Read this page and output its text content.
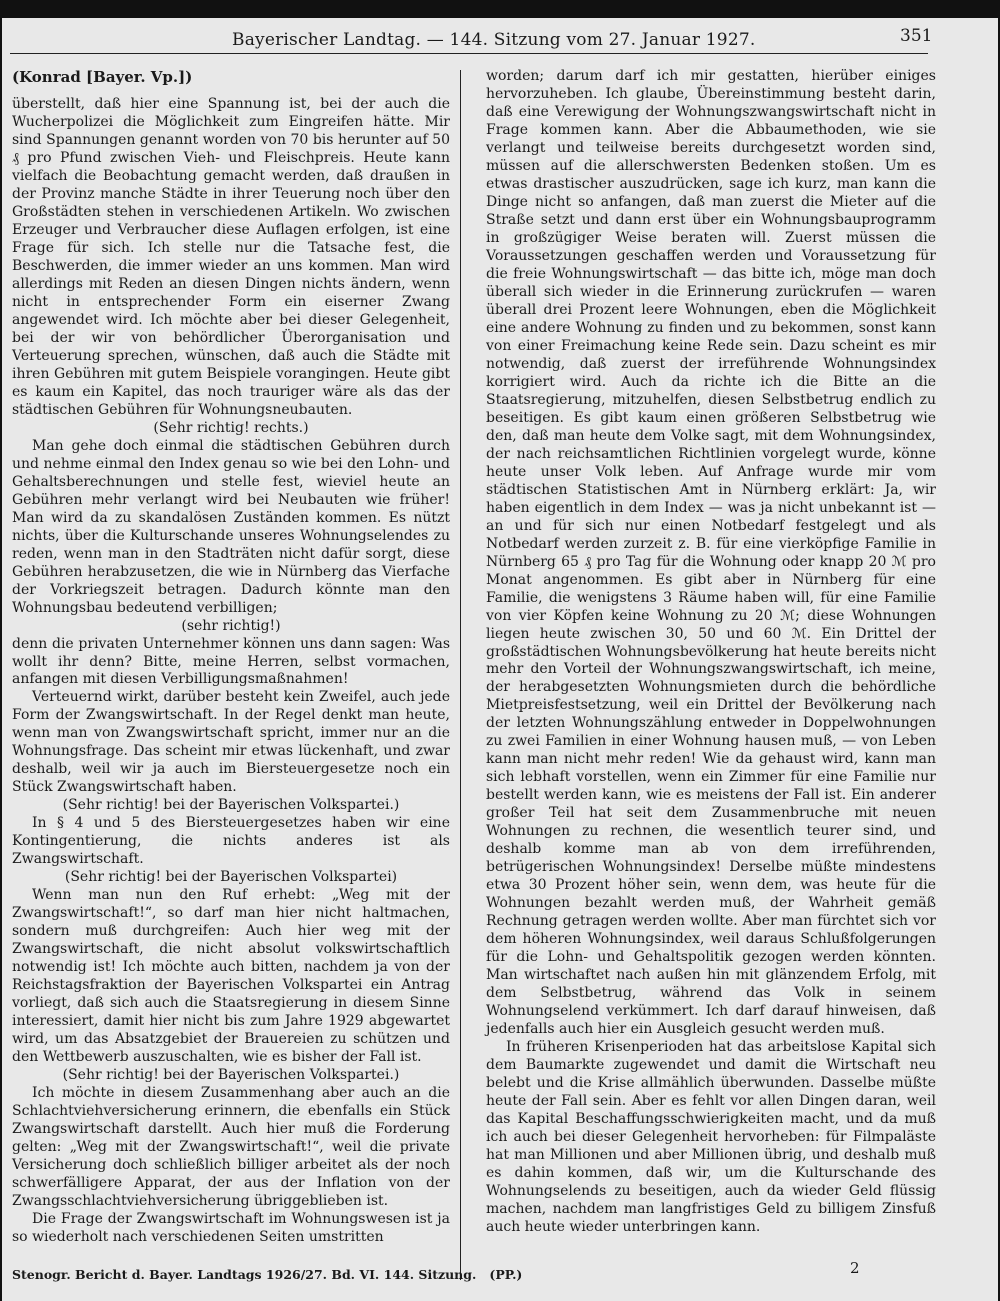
Bayerischer Landtag. — 144. Sitzung vom 27. Januar 1927.	351

(Konrad [Bayer. Vp.])

überstellt, daß hier eine Spannung ist, bei der auch die Wucherpolizei die Möglichkeit zum Eingreifen hätte. Mir sind Spannungen genannt worden von 70 bis herunter auf 50 ₰ pro Pfund zwischen Vieh- und Fleischpreis. Heute kann vielfach die Beobachtung gemacht werden, daß draußen in der Provinz manche Städte in ihrer Teuerung noch über den Großstädten stehen in verschiedenen Artikeln. Wo zwischen Erzeuger und Verbraucher diese Auflagen erfolgen, ist eine Frage für sich. Ich stelle nur die Tatsache fest, die Beschwerden, die immer wieder an uns kommen. Man wird allerdings mit Reden an diesen Dingen nichts ändern, wenn nicht in entsprechender Form ein eiserner Zwang angewendet wird. Ich möchte aber bei dieser Gelegenheit, bei der wir von behördlicher Überorganisation und Verteuerung sprechen, wünschen, daß auch die Städte mit ihren Gebühren mit gutem Beispiele vorangingen. Heute gibt es kaum ein Kapitel, das noch trauriger wäre als das der städtischen Gebühren für Wohnungsneubauten.

(Sehr richtig! rechts.)

Man gehe doch einmal die städtischen Gebühren durch und nehme einmal den Index genau so wie bei den Lohn- und Gehaltsberechnungen und stelle fest, wieviel heute an Gebühren mehr verlangt wird bei Neubauten wie früher! Man wird da zu skandalösen Zuständen kommen. Es nützt nichts, über die Kulturschande unseres Wohnungselendes zu reden, wenn man in den Stadträten nicht dafür sorgt, diese Gebühren herabzusetzen, die wie in Nürnberg das Vierfache der Vorkriegszeit betragen. Dadurch könnte man den Wohnungsbau bedeutend verbilligen;

(sehr richtig!)

denn die privaten Unternehmer können uns dann sagen: Was wollt ihr denn? Bitte, meine Herren, selbst vormachen, anfangen mit diesen Verbilligungsmaßnahmen!

Verteuernd wirkt, darüber besteht kein Zweifel, auch jede Form der Zwangswirtschaft. In der Regel denkt man heute, wenn man von Zwangswirtschaft spricht, immer nur an die Wohnungsfrage. Das scheint mir etwas lückenhaft, und zwar deshalb, weil wir ja auch im Biersteuergesetze noch ein Stück Zwangswirtschaft haben.

(Sehr richtig! bei der Bayerischen Volkspartei.)

In § 4 und 5 des Biersteuergesetzes haben wir eine Kontingentierung, die nichts anderes ist als Zwangswirtschaft.

(Sehr richtig! bei der Bayerischen Volkspartei)

Wenn man nun den Ruf erhebt: „Weg mit der Zwangswirtschaft!“, so darf man hier nicht haltmachen, sondern muß durchgreifen: Auch hier weg mit der Zwangswirtschaft, die nicht absolut volkswirtschaftlich notwendig ist! Ich möchte auch bitten, nachdem ja von der Reichstagsfraktion der Bayerischen Volkspartei ein Antrag vorliegt, daß sich auch die Staatsregierung in diesem Sinne interessiert, damit hier nicht bis zum Jahre 1929 abgewartet wird, um das Absatzgebiet der Brauereien zu schützen und den Wettbewerb auszuschalten, wie es bisher der Fall ist.

(Sehr richtig! bei der Bayerischen Volkspartei.)

Ich möchte in diesem Zusammenhang aber auch an die Schlachtviehversicherung erinnern, die ebenfalls ein Stück Zwangswirtschaft darstellt. Auch hier muß die Forderung gelten: „Weg mit der Zwangswirtschaft!“, weil die private Versicherung doch schließlich billiger arbeitet als der noch schwerfälligere Apparat, der aus der Inflation von der Zwangsschlachtviehversicherung übriggeblieben ist.

Die Frage der Zwangswirtschaft im Wohnungswesen ist ja so wiederholt nach verschiedenen Seiten umstritten

worden; darum darf ich mir gestatten, hierüber einiges hervorzuheben. Ich glaube, Übereinstimmung besteht darin, daß eine Verewigung der Wohnungszwangswirtschaft nicht in Frage kommen kann. Aber die Abbaumethoden, wie sie verlangt und teilweise bereits durchgesetzt worden sind, müssen auf die allerschwersten Bedenken stoßen. Um es etwas drastischer auszudrücken, sage ich kurz, man kann die Dinge nicht so anfangen, daß man zuerst die Mieter auf die Straße setzt und dann erst über ein Wohnungsbauprogramm in großzügiger Weise beraten will. Zuerst müssen die Voraussetzungen geschaffen werden und Voraussetzung für die freie Wohnungswirtschaft — das bitte ich, möge man doch überall sich wieder in die Erinnerung zurückrufen — waren überall drei Prozent leere Wohnungen, eben die Möglichkeit eine andere Wohnung zu finden und zu bekommen, sonst kann von einer Freimachung keine Rede sein. Dazu scheint es mir notwendig, daß zuerst der irreführende Wohnungsindex korrigiert wird. Auch da richte ich die Bitte an die Staatsregierung, mitzuhelfen, diesen Selbstbetrug endlich zu beseitigen. Es gibt kaum einen größeren Selbstbetrug wie den, daß man heute dem Volke sagt, mit dem Wohnungsindex, der nach reichsamtlichen Richtlinien vorgelegt wurde, könne heute unser Volk leben. Auf Anfrage wurde mir vom städtischen Statistischen Amt in Nürnberg erklärt: Ja, wir haben eigentlich in dem Index — was ja nicht unbekannt ist — an und für sich nur einen Notbedarf festgelegt und als Notbedarf werden zurzeit z. B. für eine vierköpfige Familie in Nürnberg 65 ₰ pro Tag für die Wohnung oder knapp 20 ℳ pro Monat angenommen. Es gibt aber in Nürnberg für eine Familie, die wenigstens 3 Räume haben will, für eine Familie von vier Köpfen keine Wohnung zu 20 ℳ; diese Wohnungen liegen heute zwischen 30, 50 und 60 ℳ. Ein Drittel der großstädtischen Wohnungsbevölkerung hat heute bereits nicht mehr den Vorteil der Wohnungszwangswirtschaft, ich meine, der herabgesetzten Wohnungsmieten durch die behördliche Mietpreisfestsetzung, weil ein Drittel der Bevölkerung nach der letzten Wohnungszählung entweder in Doppelwohnungen zu zwei Familien in einer Wohnung hausen muß, — von Leben kann man nicht mehr reden! Wie da gehaust wird, kann man sich lebhaft vorstellen, wenn ein Zimmer für eine Familie nur bestellt werden kann, wie es meistens der Fall ist. Ein anderer großer Teil hat seit dem Zusammenbruche mit neuen Wohnungen zu rechnen, die wesentlich teurer sind, und deshalb komme man ab von dem irreführenden, betrügerischen Wohnungsindex! Derselbe müßte mindestens etwa 30 Prozent höher sein, wenn dem, was heute für die Wohnungen bezahlt werden muß, der Wahrheit gemäß Rechnung getragen werden wollte. Aber man fürchtet sich vor dem höheren Wohnungsindex, weil daraus Schlußfolgerungen für die Lohn- und Gehaltspolitik gezogen werden könnten. Man wirtschaftet nach außen hin mit glänzendem Erfolg, mit dem Selbstbetrug, während das Volk in seinem Wohnungselend verkümmert. Ich darf darauf hinweisen, daß jedenfalls auch hier ein Ausgleich gesucht werden muß.

In früheren Krisenperioden hat das arbeitslose Kapital sich dem Baumarkte zugewendet und damit die Wirtschaft neu belebt und die Krise allmählich überwunden. Dasselbe müßte heute der Fall sein. Aber es fehlt vor allen Dingen daran, weil das Kapital Beschaffungsschwierigkeiten macht, und da muß ich auch bei dieser Gelegenheit hervorheben: für Filmpaläste hat man Millionen und aber Millionen übrig, und deshalb muß es dahin kommen, daß wir, um die Kulturschande des Wohnungselends zu beseitigen, auch da wieder Geld flüssig machen, nachdem man langfristiges Geld zu billigem Zinsfuß auch heute wieder unterbringen kann.

Stenogr. Bericht d. Bayer. Landtags 1926/27. Bd. VI. 144. Sitzung. (PP.)	2
